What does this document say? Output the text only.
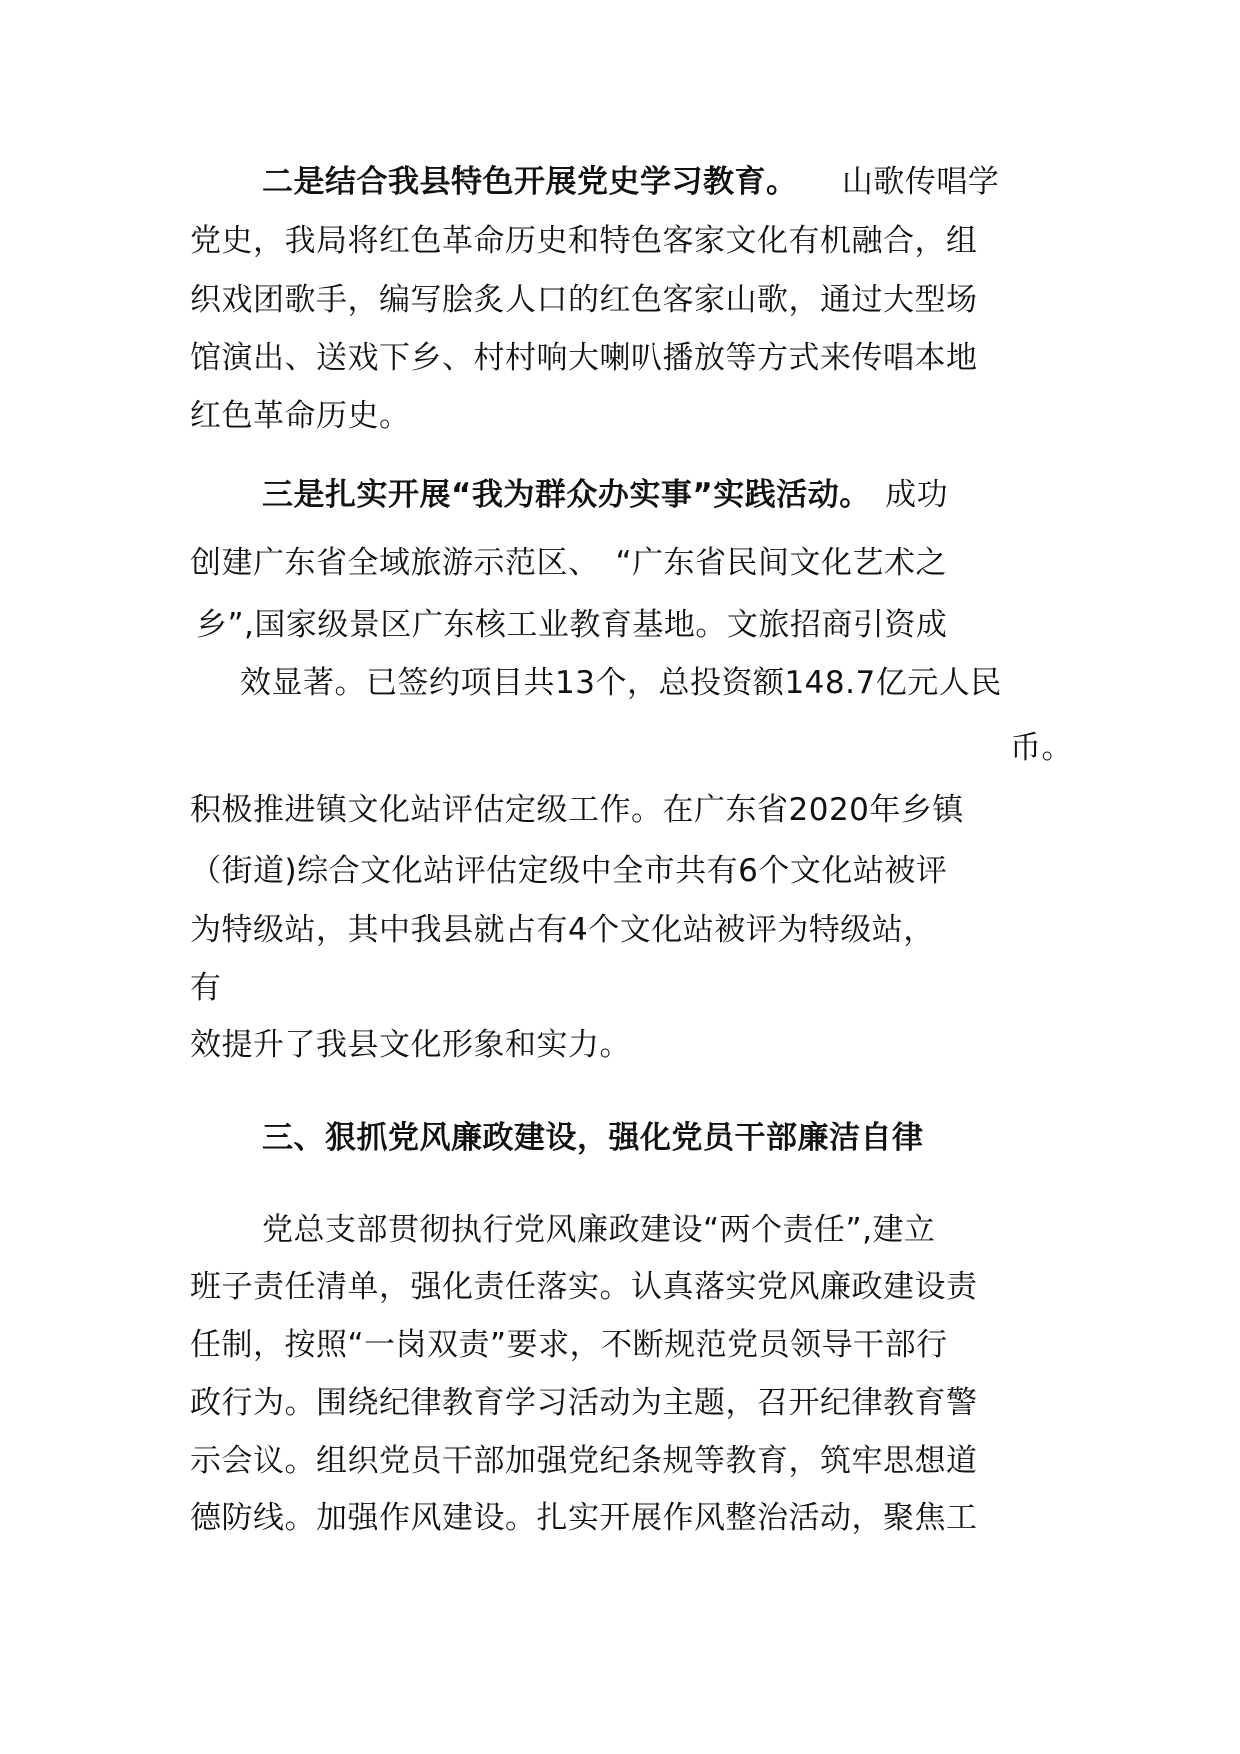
二是结合我县特色开展党史学习教育。 山歌传唱学
党史，我局将红色革命历史和特色客家文化有机融合，组
织戏团歌手，编写脍炙人口的红色客家山歌，通过大型场
馆演出、送戏下乡、村村响大喇叭播放等方式来传唱本地
红色革命历史。
三是扎实开展“我为群众办实事”实践活动。 成功
创建广东省全域旅游示范区、　“广东省民间文化艺术之
乡”,国家级景区广东核工业教育基地。文旅招商引资成
效显著。已签约项目共13个，总投资额148.7亿元人民
币。
积极推进镇文化站评估定级工作。在广东省2020年乡镇
（街道)综合文化站评估定级中全市共有6个文化站被评
为特级站，其中我县就占有4个文化站被评为特级站，
有
效提升了我县文化形象和实力。
三、狠抓党风廉政建设，强化党员干部廉洁自律
党总支部贯彻执行党风廉政建设“两个责任”,建立
班子责任清单，强化责任落实。认真落实党风廉政建设责
任制，按照“一岗双责”要求，不断规范党员领导干部行
政行为。围绕纪律教育学习活动为主题，召开纪律教育警
示会议。组织党员干部加强党纪条规等教育，筑牢思想道
德防线。加强作风建设。扎实开展作风整治活动，聚焦工
